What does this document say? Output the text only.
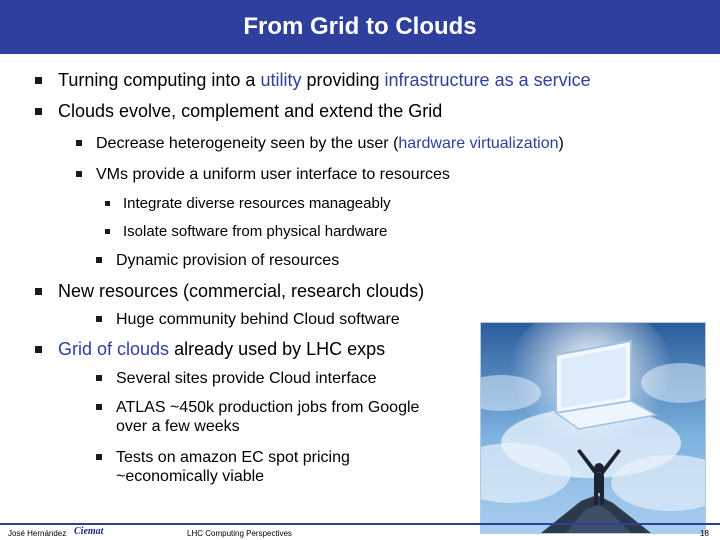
From Grid to Clouds
Turning computing into a utility providing infrastructure as a service
Clouds evolve, complement and extend the Grid
Decrease heterogeneity seen by the user (hardware virtualization)
VMs provide a uniform user interface to resources
Integrate diverse resources manageably
Isolate software from physical hardware
Dynamic provision of resources
New resources (commercial, research clouds)
Huge community behind Cloud software
Grid of clouds already used by LHC exps
Several sites provide Cloud interface
ATLAS ~450k production jobs from Google
over a few weeks
Tests on amazon EC spot pricing
~economically viable
José Hernández Ciemat	LHC Computing Perspectives	18
